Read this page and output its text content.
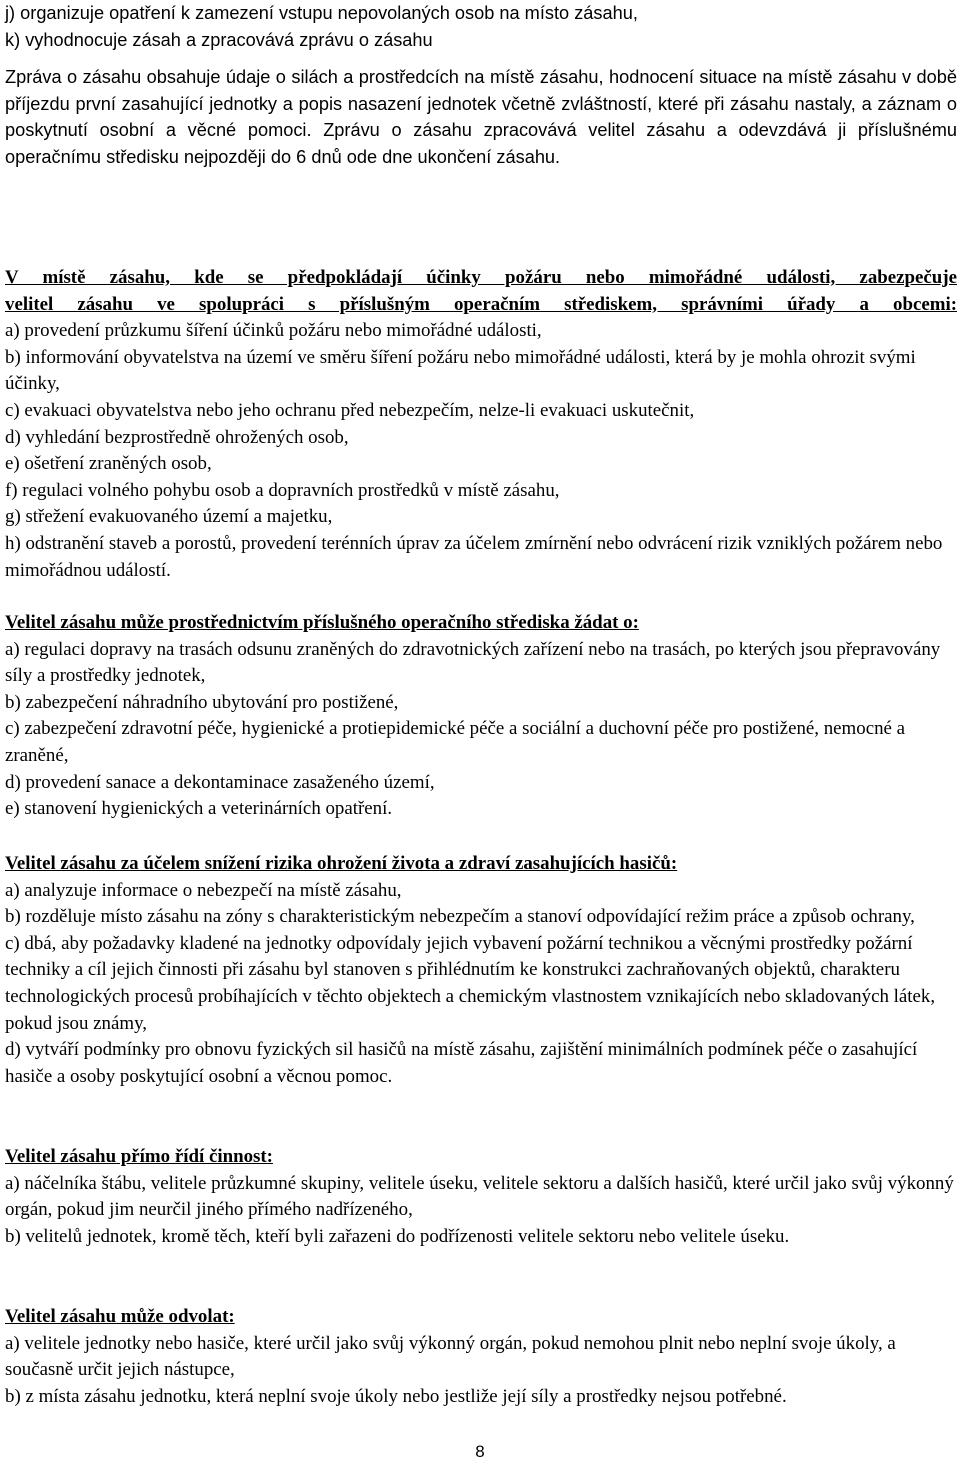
j) organizuje opatření k zamezení vstupu nepovolaných osob na místo zásahu,
k) vyhodnocuje zásah a zpracovává zprávu o zásahu
Zpráva o zásahu obsahuje údaje o silách a prostředcích na místě zásahu, hodnocení situace na místě zásahu v době příjezdu první zasahující jednotky a popis nasazení jednotek včetně zvláštností, které při zásahu nastaly, a záznam o poskytnutí osobní a věcné pomoci. Zprávu o zásahu zpracovává velitel zásahu a odevzdává ji příslušnému operačnímu středisku nejpozději do 6 dnů ode dne ukončení zásahu.
V místě zásahu, kde se předpokládají účinky požáru nebo mimořádné události, zabezpečuje
velitel zásahu ve spolupráci s příslušným operačním střediskem, správními úřady a obcemi:
a) provedení průzkumu šíření účinků požáru nebo mimořádné události,
b) informování obyvatelstva na území ve směru šíření požáru nebo mimořádné události, která by je mohla ohrozit svými účinky,
c) evakuaci obyvatelstva nebo jeho ochranu před nebezpečím, nelze-li evakuaci uskutečnit,
d) vyhledání bezprostředně ohrožených osob,
e) ošetření zraněných osob,
f) regulaci volného pohybu osob a dopravních prostředků v místě zásahu,
g) střežení evakuovaného území a majetku,
h) odstranění staveb a porostů, provedení terénních úprav za účelem zmírnění nebo odvrácení rizik vzniklých požárem nebo mimořádnou událostí.
Velitel zásahu může prostřednictvím příslušného operačního střediska žádat o:
a) regulaci dopravy na trasách odsunu zraněných do zdravotnických zařízení nebo na trasách, po kterých jsou přepravovány síly a prostředky jednotek,
b) zabezpečení náhradního ubytování pro postižené,
c) zabezpečení zdravotní péče, hygienické a protiepidemické péče a sociální a duchovní péče pro postižené, nemocné a zraněné,
d) provedení sanace a dekontaminace zasaženého území,
e) stanovení hygienických a veterinárních opatření.
Velitel zásahu za účelem snížení rizika ohrožení života a zdraví zasahujících hasičů:
a) analyzuje informace o nebezpečí na místě zásahu,
b) rozděluje místo zásahu na zóny s charakteristickým nebezpečím a stanoví odpovídající režim práce a způsob ochrany,
c) dbá, aby požadavky kladené na jednotky odpovídaly jejich vybavení požární technikou a věcnými prostředky požární techniky a cíl jejich činnosti při zásahu byl stanoven s přihlédnutím ke konstrukci zachraňovaných objektů, charakteru technologických procesů probíhajících v těchto objektech a chemickým vlastnostem vznikajících nebo skladovaných látek, pokud jsou známy,
d) vytváří podmínky pro obnovu fyzických sil hasičů na místě zásahu, zajištění minimálních podmínek péče o zasahující hasiče a osoby poskytující osobní a věcnou pomoc.
Velitel zásahu přímo řídí činnost:
a) náčelníka štábu, velitele průzkumné skupiny, velitele úseku, velitele sektoru a dalších hasičů, které určil jako svůj výkonný orgán, pokud jim neurčil jiného přímého nadřízeného,
b) velitelů jednotek, kromě těch, kteří byli zařazeni do podřízenosti velitele sektoru nebo velitele úseku.
Velitel zásahu může odvolat:
a) velitele jednotky nebo hasiče, které určil jako svůj výkonný orgán, pokud nemohou plnit nebo neplní svoje úkoly, a současně určit jejich nástupce,
b) z místa zásahu jednotku, která neplní svoje úkoly nebo jestliže její síly a prostředky nejsou potřebné.
8
